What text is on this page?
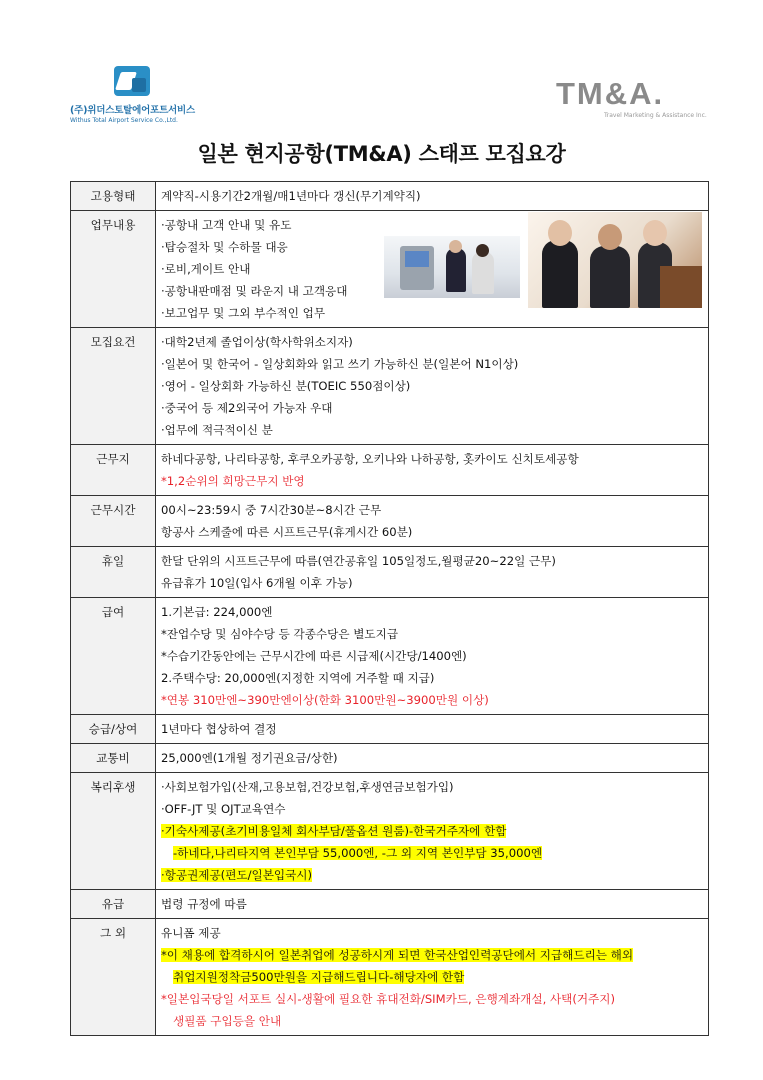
(주)위더스토탈에어포트서비스
Withus Total Airport Service Co.,Ltd.
TM&A.
Travel Marketing & Assistance Inc.
일본 현지공항(TM&A) 스태프 모집요강
고용형태	계약직-시용기간2개월/매1년마다 갱신(무기계약직)

업무내용	·공항내 고객 안내 및 유도
·탑승절차 및 수하물 대응
·로비,게이트 안내
·공항내판매점 및 라운지 내 고객응대
·보고업무 및 그외 부수적인 업무

모집요건	·대학2년제 졸업이상(학사학위소지자)
·일본어 및 한국어 - 일상회화와 읽고 쓰기 가능하신 분(일본어 N1이상)
·영어 - 일상회화 가능하신 분(TOEIC 550점이상)
·중국어 등 제2외국어 가능자 우대
·업무에 적극적이신 분

근무지	하네다공항, 나리타공항, 후쿠오카공항, 오키나와 나하공항, 홋카이도 신치토세공항
*1,2순위의 희망근무지 반영

근무시간	00시~23:59시 중 7시간30분~8시간 근무
항공사 스케줄에 따른 시프트근무(휴게시간 60분)

휴일	한달 단위의 시프트근무에 따름(연간공휴일 105일정도,월평균20~22일 근무)
유급휴가 10일(입사 6개월 이후 가능)

급여	1.기본급: 224,000엔
*잔업수당 및 심야수당 등 각종수당은 별도지급
*수습기간동안에는 근무시간에 따른 시급제(시간당/1400엔)
2.주택수당: 20,000엔(지정한 지역에 거주할 때 지급)
*연봉 310만엔~390만엔이상(한화 3100만원~3900만원 이상)

승급/상여	1년마다 협상하여 결정

교통비	25,000엔(1개월 정기권요금/상한)

복리후생	·사회보험가입(산재,고용보험,건강보험,후생연금보험가입)
·OFF-JT 및 OJT교육연수
·기숙사제공(초기비용일체 회사부담/풀옵션 원룸)-한국거주자에 한함
-하네다,나리타지역 본인부담 55,000엔, -그 외 지역 본인부담 35,000엔
·항공권제공(편도/일본입국시)

유급	법령 규정에 따름

그 외	유니폼 제공
*이 채용에 합격하시어 일본취업에 성공하시게 되면 한국산업인력공단에서 지급해드리는 해외
취업지원정착금500만원을 지급해드립니다-해당자에 한함
*일본입국당일 서포트 실시-생활에 필요한 휴대전화/SIM카드, 은행계좌개설, 사택(거주지)
생필품 구입등을 안내
